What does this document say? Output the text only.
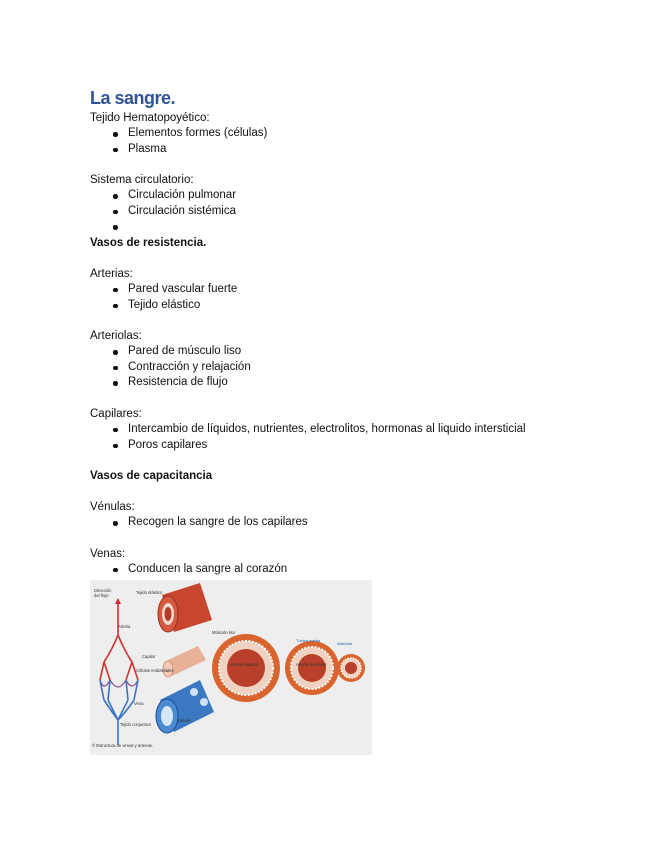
La sangre.
Tejido Hematopoyético:
Elementos formes (células)
Plasma
Sistema circulatorio:
Circulación pulmonar
Circulación sistémica
Vasos de resistencia.
Arterias:
Pared vascular fuerte
Tejido elástico
Arteriolas:
Pared de músculo liso
Contracción y relajación
Resistencia de flujo
Capilares:
Intercambio de líquidos, nutrientes, electrolitos, hormonas al liquido intersticial
Poros capilares
Vasos de capacitancia
Vénulas:
Recogen la sangre de los capilares
Venas:
Conducen la sangre al corazón
Dirección
del flujo
Tejido elástico
Arteria
Músculo liso
Capilar
Células endoteliales
Vena
Tejido conjuntivo
Válvula
Arteria elástica	Arteria muscular
Túnica media
Arteriola
© Estructura de venas y arterias.
